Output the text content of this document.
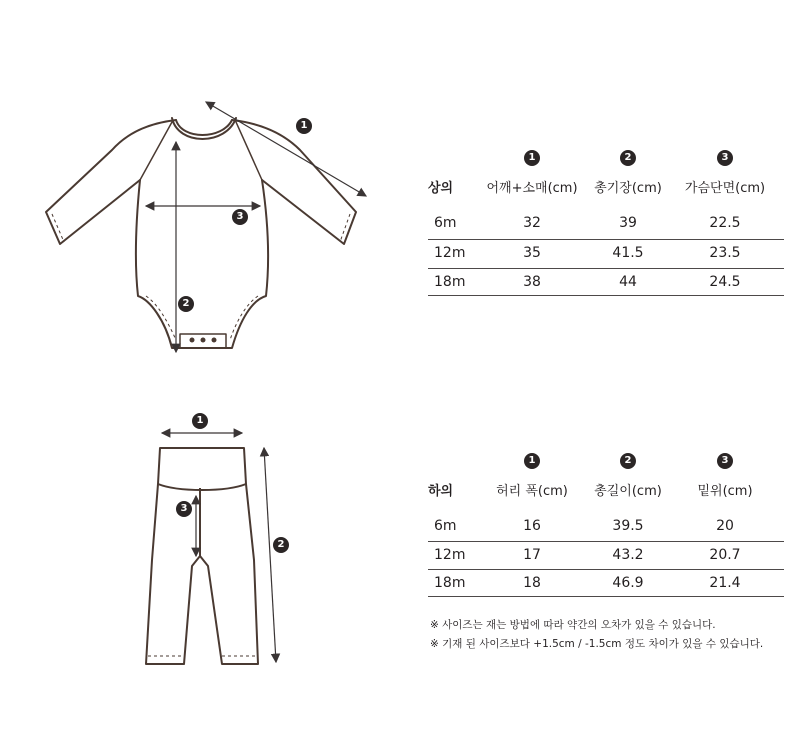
1
2
3
1
2
3
1	2	3
상의	어깨+소매(cm) 총기장(cm) 가슴단면(cm)
6m	32	39	22.5
12m	35	41.5	23.5
18m	38	44	24.5
1	2	3
하의	허리 폭(cm) 총길이(cm)	밑위(cm)
6m	16	39.5	20
12m	17	43.2	20.7
18m	18	46.9	21.4
※ 사이즈는 재는 방법에 따라 약간의 오차가 있을 수 있습니다.
※ 기재 된 사이즈보다 +1.5cm / -1.5cm 정도 차이가 있을 수 있습니다.
